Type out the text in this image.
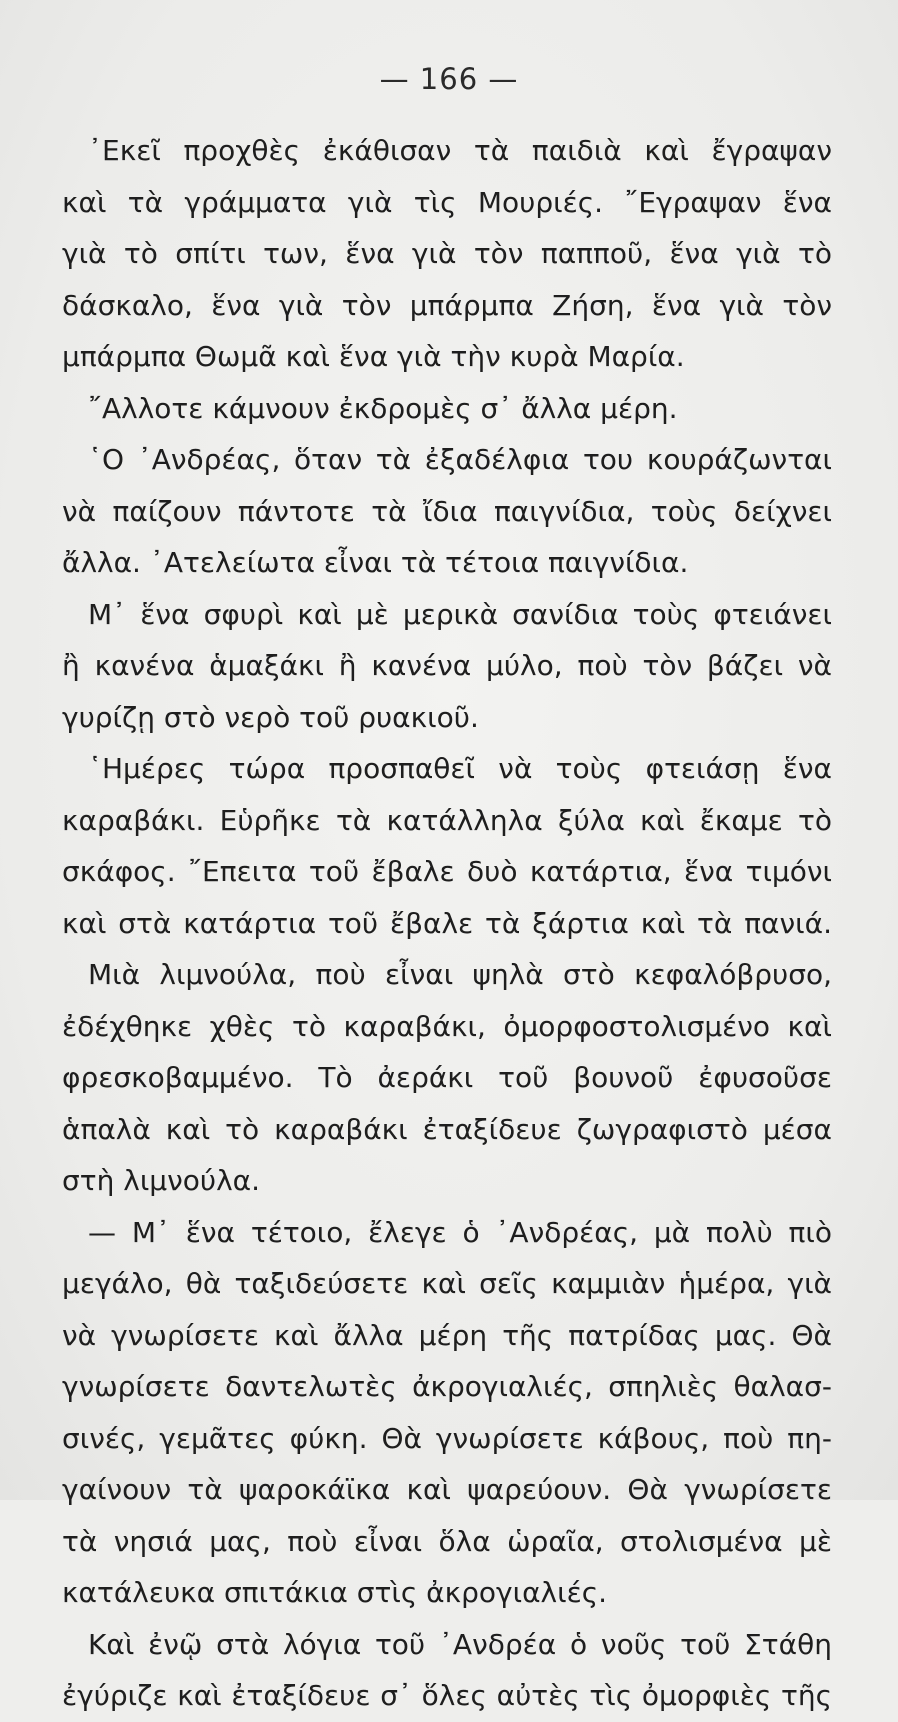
— 166 —
᾿Εκεῖ προχθὲς ἐκάθισαν τὰ παιδιὰ καὶ ἔγραψαν
καὶ τὰ γράμματα γιὰ τὶς Μουριές. ῎Εγραψαν ἕνα
γιὰ τὸ σπίτι των, ἕνα γιὰ τὸν παπποῦ, ἕνα γιὰ τὸ
δάσκαλο, ἕνα γιὰ τὸν μπάρμπα Ζήση, ἕνα γιὰ τὸν
μπάρμπα Θωμᾶ καὶ ἕνα γιὰ τὴν κυρὰ Μαρία.
῎Αλλοτε κάμνουν ἐκδρομὲς σ᾿ ἄλλα μέρη.
῾Ο ᾿Ανδρέας, ὅταν τὰ ἐξαδέλφια του κουράζωνται
νὰ παίζουν πάντοτε τὰ ἴδια παιγνίδια, τοὺς δείχνει
ἄλλα. ᾿Ατελείωτα εἶναι τὰ τέτοια παιγνίδια.
Μ᾿ ἕνα σφυρὶ καὶ μὲ μερικὰ σανίδια τοὺς φτειάνει
ἢ κανένα ἁμαξάκι ἢ κανένα μύλο, ποὺ τὸν βάζει νὰ
γυρίζῃ στὸ νερὸ τοῦ ρυακιοῦ.
῾Ημέρες τώρα προσπαθεῖ νὰ τοὺς φτειάσῃ ἕνα
καραβάκι. Εὑρῆκε τὰ κατάλληλα ξύλα καὶ ἔκαμε τὸ
σκάφος. ῎Επειτα τοῦ ἔβαλε δυὸ κατάρτια, ἕνα τιμόνι
καὶ στὰ κατάρτια τοῦ ἔβαλε τὰ ξάρτια καὶ τὰ πανιά.
Μιὰ λιμνούλα, ποὺ εἶναι ψηλὰ στὸ κεφαλόβρυσο,
ἐδέχθηκε χθὲς τὸ καραβάκι, ὀμορφοστολισμένο καὶ
φρεσκοβαμμένο. Τὸ ἀεράκι τοῦ βουνοῦ ἐφυσοῦσε
ἁπαλὰ καὶ τὸ καραβάκι ἐταξίδευε ζωγραφιστὸ μέσα
στὴ λιμνούλα.
— Μ᾿ ἕνα τέτοιο, ἔλεγε ὁ ᾿Ανδρέας, μὰ πολὺ πιὸ
μεγάλο, θὰ ταξιδεύσετε καὶ σεῖς καμμιὰν ἡμέρα, γιὰ
νὰ γνωρίσετε καὶ ἄλλα μέρη τῆς πατρίδας μας. Θὰ
γνωρίσετε δαντελωτὲς ἀκρογιαλιές, σπηλιὲς θαλασ-
σινές, γεμᾶτες φύκη. Θὰ γνωρίσετε κάβους, ποὺ πη-
γαίνουν τὰ ψαροκάϊκα καὶ ψαρεύουν. Θὰ γνωρίσετε
τὰ νησιά μας, ποὺ εἶναι ὅλα ὡραῖα, στολισμένα μὲ
κατάλευκα σπιτάκια στὶς ἀκρογιαλιές.
Καὶ ἐνῷ στὰ λόγια τοῦ ᾿Ανδρέα ὁ νοῦς τοῦ Στάθη
ἐγύριζε καὶ ἐταξίδευε σ᾿ ὅλες αὐτὲς τὶς ὀμορφιὲς τῆς
